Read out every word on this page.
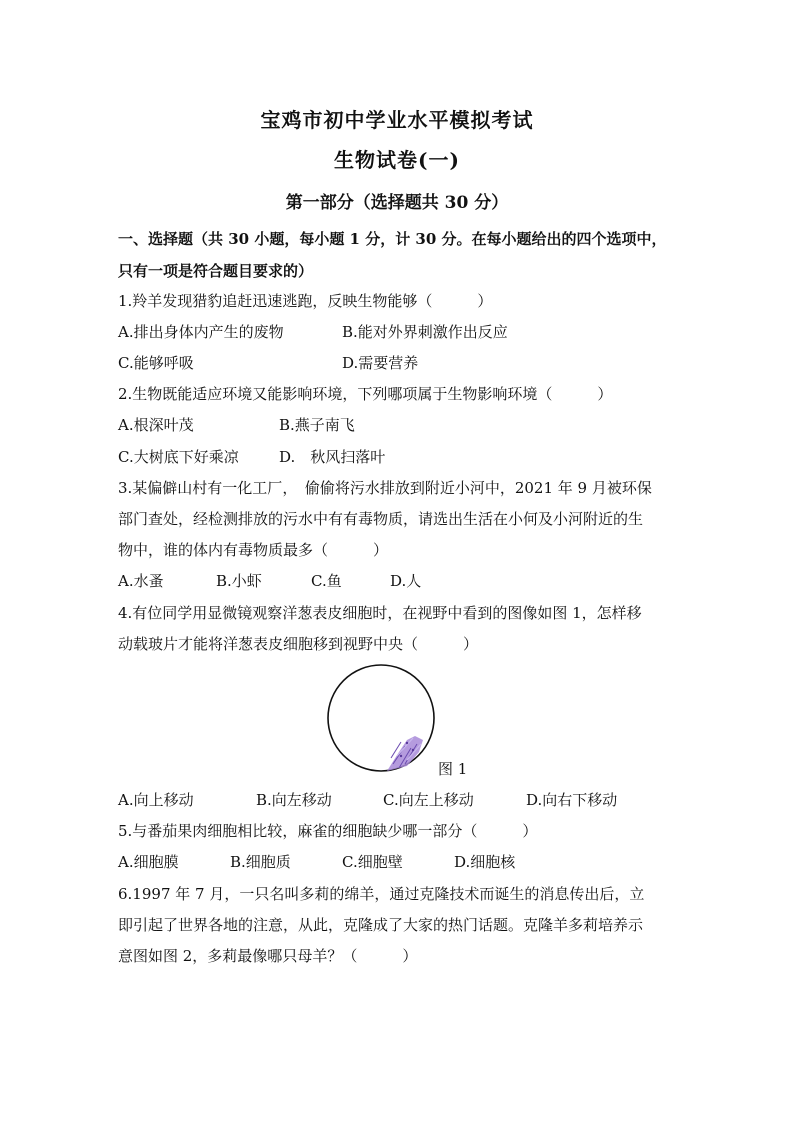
宝鸡市初中学业水平模拟考试
生物试卷(一)
第一部分（选择题共 30 分）
一、选择题（共 30 小题，每小题 1 分，计 30 分。在每小题给出的四个选项中，
只有一项是符合题目要求的）
1.羚羊发现猎豹追赶迅速逃跑，反映生物能够（　　　）
A.排出身体内产生的废物	B.能对外界刺激作出反应
C.能够呼吸	D.需要营养
2.生物既能适应环境又能影响环境，下列哪项属于生物影响环境（　　　）
A.根深叶茂	B.燕子南飞
C.大树底下好乘凉	D.　秋风扫落叶
3.某偏僻山村有一化工厂，　偷偷将污水排放到附近小河中，2021 年 9 月被环保
部门查处，经检测排放的污水中有有毒物质，请选出生活在小何及小河附近的生
物中，谁的体内有毒物质最多（　　　）
A.水蚤	B.小虾	C.鱼	D.人
4.有位同学用显微镜观察洋葱表皮细胞时，在视野中看到的图像如图 1，怎样移
动载玻片才能将洋葱表皮细胞移到视野中央（　　　）
图 1
A.向上移动	B.向左移动	C.向左上移动	D.向右下移动
5.与番茄果肉细胞相比较，麻雀的细胞缺少哪一部分（　　　）
A.细胞膜	B.细胞质	C.细胞壁	D.细胞核
6.1997 年 7 月，一只名叫多莉的绵羊，通过克隆技术而诞生的消息传出后，立
即引起了世界各地的注意，从此，克隆成了大家的热门话题。克隆羊多莉培养示
意图如图 2，多莉最像哪只母羊？（　　　）
